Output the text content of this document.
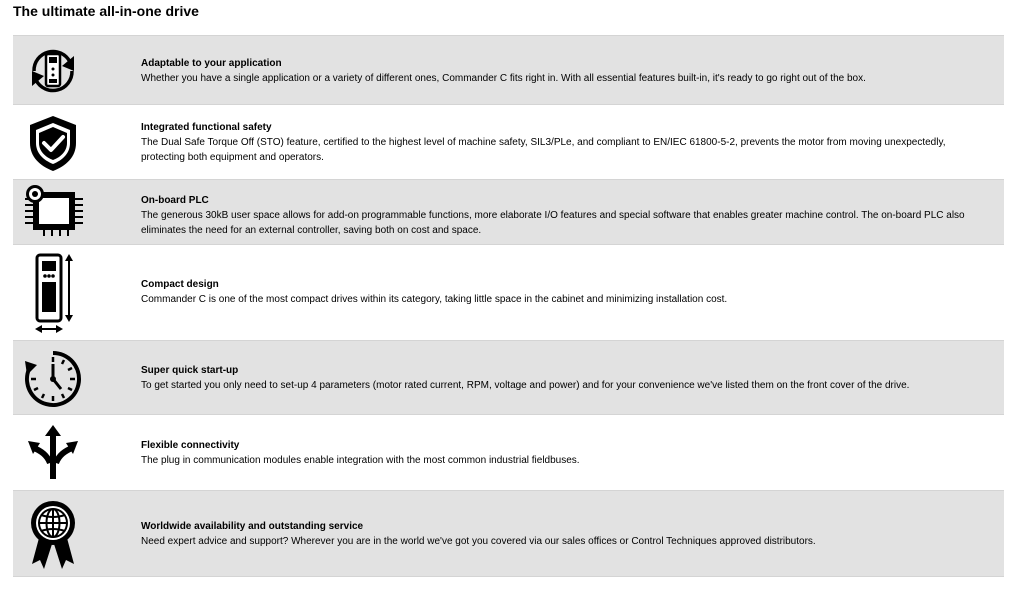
The ultimate all-in-one drive
Adaptable to your application
Whether you have a single application or a variety of different ones, Commander C fits right in. With all essential features built-in, it's ready to go right out of the box.
Integrated functional safety
The Dual Safe Torque Off (STO) feature, certified to the highest level of machine safety, SIL3/PLe, and compliant to EN/IEC 61800-5-2, prevents the motor from moving unexpectedly, protecting both equipment and operators.
On-board PLC
The generous 30kB user space allows for add-on programmable functions, more elaborate I/O features and special software that enables greater machine control. The on-board PLC also eliminates the need for an external controller, saving both on cost and space.
Compact design
Commander C is one of the most compact drives within its category, taking little space in the cabinet and minimizing installation cost.
Super quick start-up
To get started you only need to set-up 4 parameters (motor rated current, RPM, voltage and power) and for your convenience we've listed them on the front cover of the drive.
Flexible connectivity
The plug in communication modules enable integration with the most common industrial fieldbuses.
Worldwide availability and outstanding service
Need expert advice and support? Wherever you are in the world we've got you covered via our sales offices or Control Techniques approved distributors.
